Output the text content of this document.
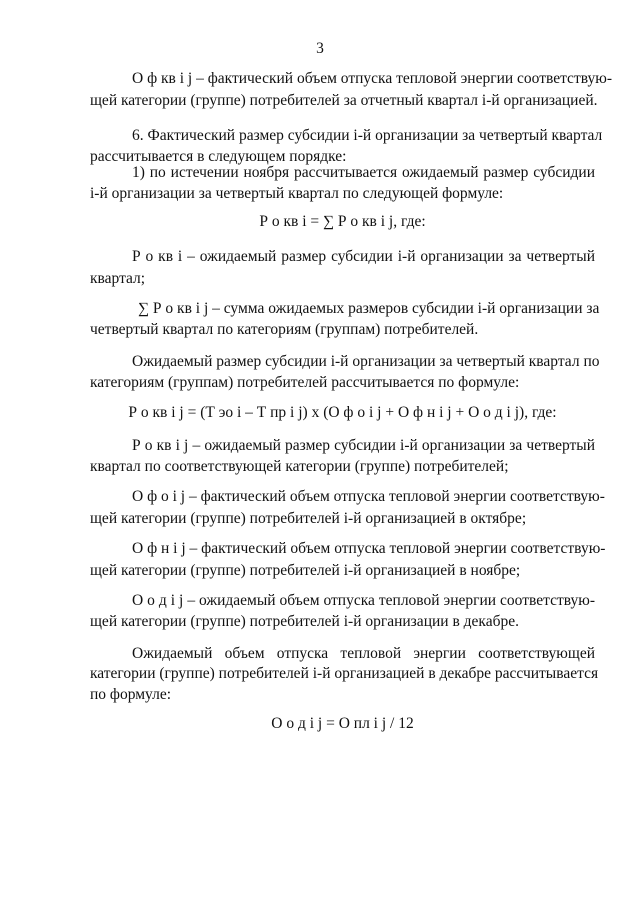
3
О ф кв i j – фактический объем отпуска тепловой энергии соответствую-
щей категории (группе) потребителей за отчетный квартал i-й организацией.
6. Фактический размер субсидии i-й организации за четвертый квартал
рассчитывается в следующем порядке:
1) по истечении ноября рассчитывается ожидаемый размер субсидии
i-й организации за четвертый квартал по следующей формуле:
Р о кв i = ∑ Р о кв i j, где:
Р о кв i – ожидаемый размер субсидии i-й организации за четвертый
квартал;
∑ Р о кв i j – сумма ожидаемых размеров субсидии i-й организации за
четвертый квартал по категориям (группам) потребителей.
Ожидаемый размер субсидии i-й организации за четвертый квартал по
категориям (группам) потребителей рассчитывается по формуле:
Р о кв i j = (Т эо i – Т пр i j) х (О ф о i j + О ф н i j + О о д i j), где:
Р о кв i j – ожидаемый размер субсидии i-й организации за четвертый
квартал по соответствующей категории (группе) потребителей;
О ф о i j – фактический объем отпуска тепловой энергии соответствую-
щей категории (группе) потребителей i-й организацией в октябре;
О ф н i j – фактический объем отпуска тепловой энергии соответствую-
щей категории (группе) потребителей i-й организацией в ноябре;
О о д i j – ожидаемый объем отпуска тепловой энергии соответствую-
щей категории (группе) потребителей i-й организации в декабре.
Ожидаемый объем отпуска тепловой энергии соответствующей
категории (группе) потребителей i-й организацией в декабре рассчитывается
по формуле:
О о д i j = О пл i j / 12
